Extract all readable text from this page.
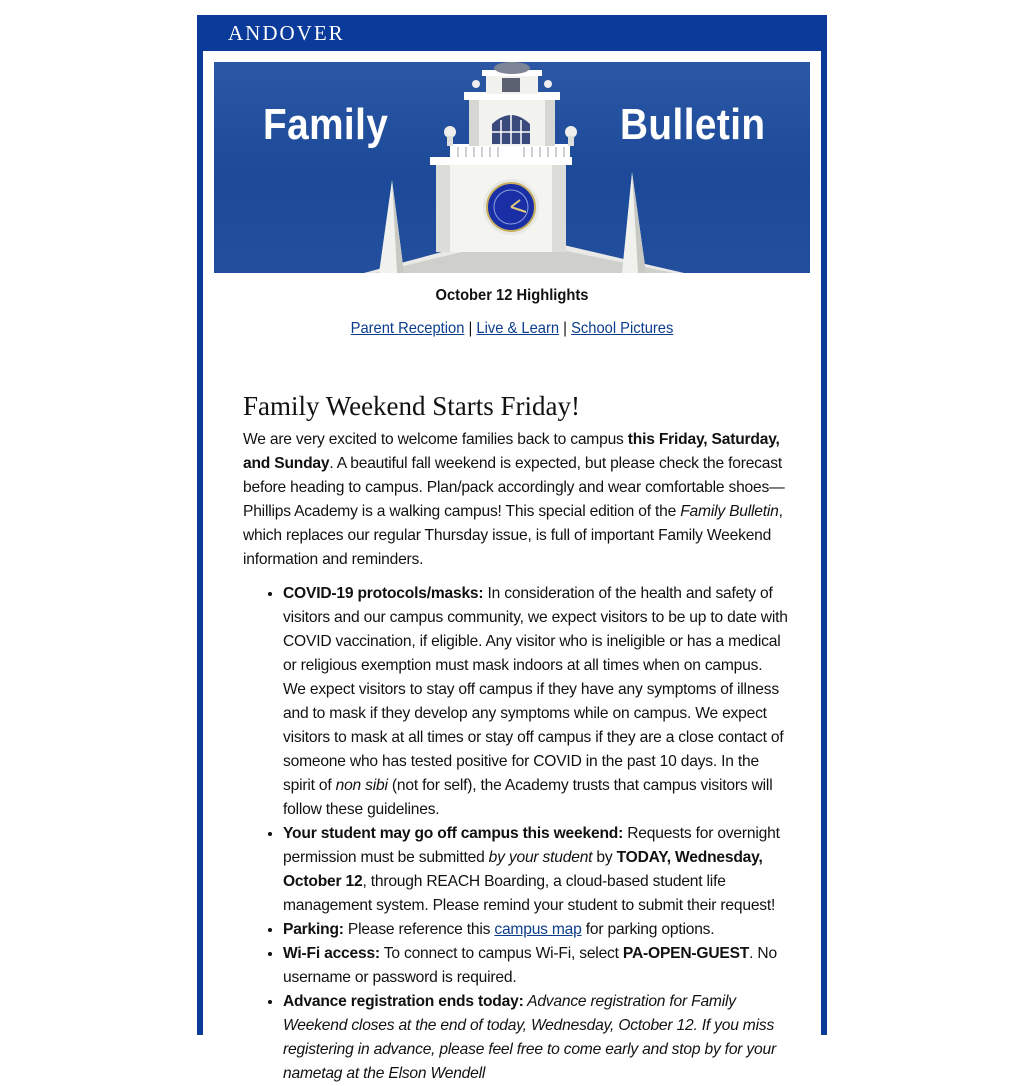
ANDOVER
Family	Bulletin
October 12 Highlights
Parent Reception | Live & Learn | School Pictures
Family Weekend Starts Friday!
We are very excited to welcome families back to campus this Friday, Saturday, and Sunday. A beautiful fall weekend is expected, but please check the forecast before heading to campus. Plan/pack accordingly and wear comfortable shoes—Phillips Academy is a walking campus! This special edition of the Family Bulletin, which replaces our regular Thursday issue, is full of important Family Weekend information and reminders.
• COVID-19 protocols/masks: In consideration of the health and safety of visitors and our campus community, we expect visitors to be up to date with COVID vaccination, if eligible. Any visitor who is ineligible or has a medical or religious exemption must mask indoors at all times when on campus. We expect visitors to stay off campus if they have any symptoms of illness and to mask if they develop any symptoms while on campus. We expect visitors to mask at all times or stay off campus if they are a close contact of someone who has tested positive for COVID in the past 10 days. In the spirit of non sibi (not for self), the Academy trusts that campus visitors will follow these guidelines.
• Your student may go off campus this weekend: Requests for overnight permission must be submitted by your student by TODAY, Wednesday, October 12, through REACH Boarding, a cloud-based student life management system. Please remind your student to submit their request!
• Parking: Please reference this campus map for parking options.
• Wi-Fi access: To connect to campus Wi-Fi, select PA-OPEN-GUEST. No username or password is required.
• Advance registration ends today: Advance registration for Family Weekend closes at the end of today, Wednesday, October 12. If you miss registering in advance, please feel free to come early and stop by for your nametag at the Elson Wendell
